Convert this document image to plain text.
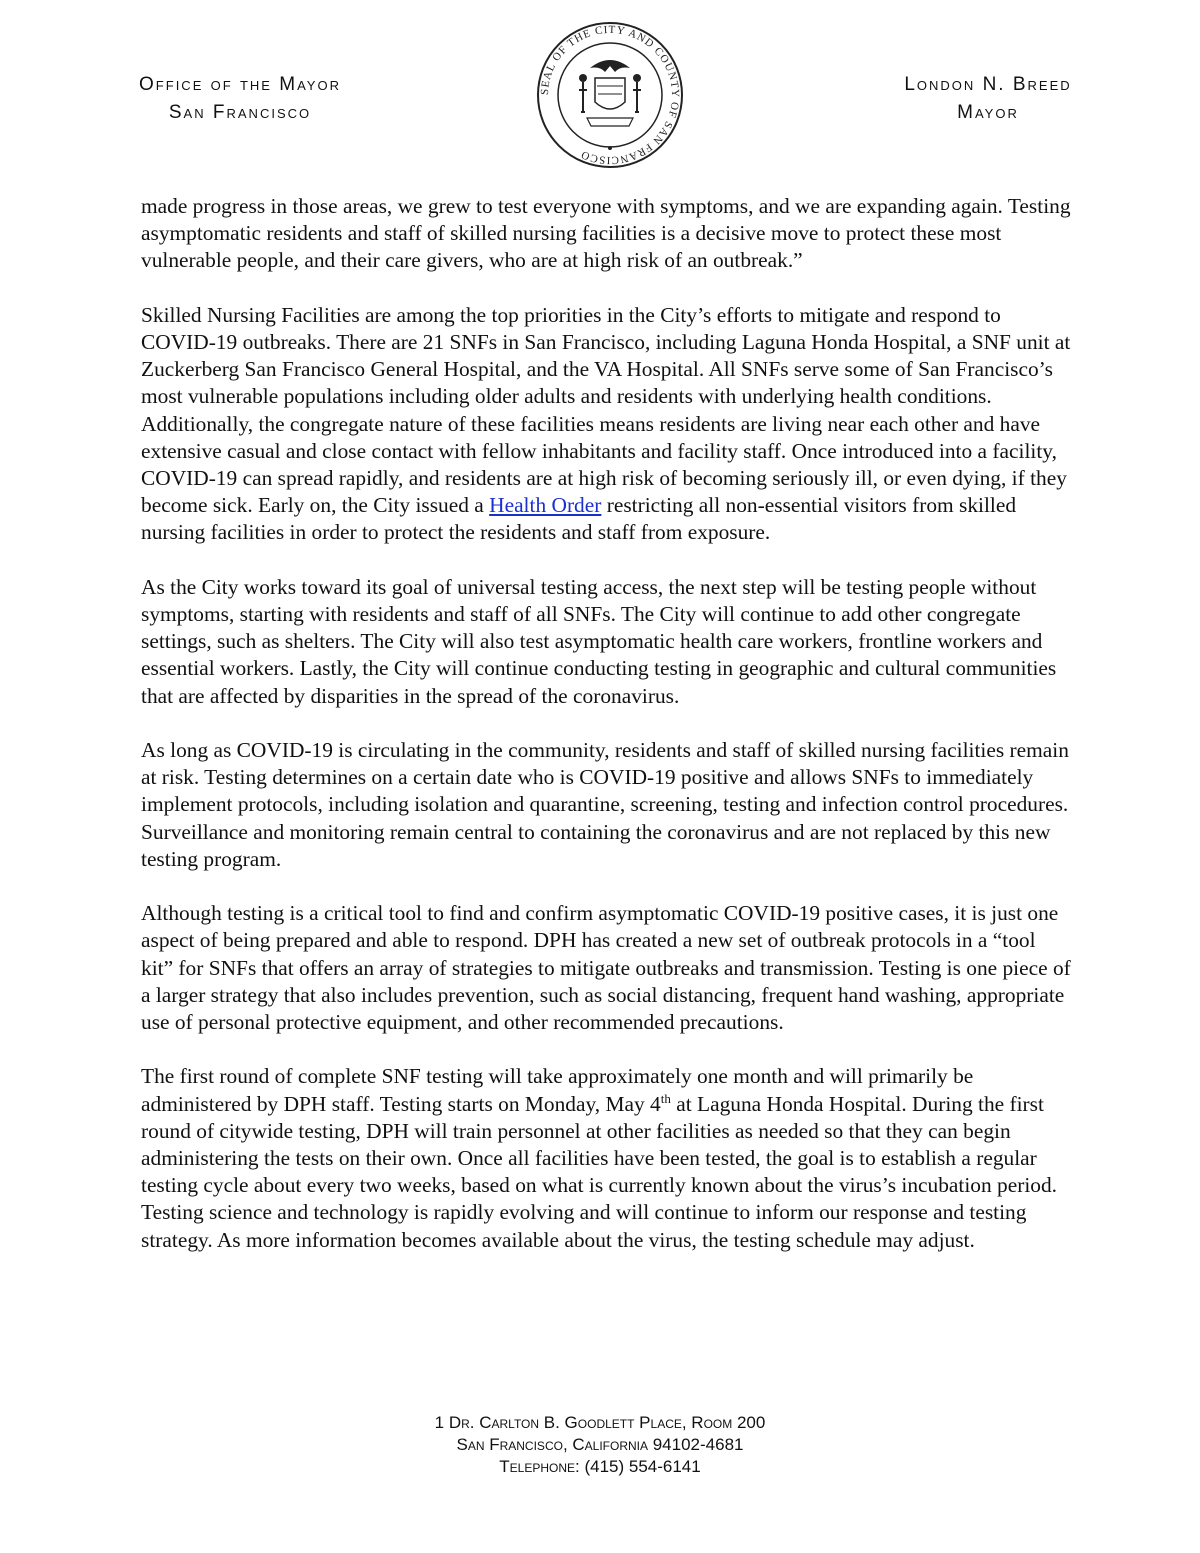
Office of the Mayor
San Francisco
SEAL OF THE CITY AND COUNTY OF SAN FRANCISCO
London N. Breed
Mayor

made progress in those areas, we grew to test everyone with symptoms, and we are expanding again. Testing asymptomatic residents and staff of skilled nursing facilities is a decisive move to protect these most vulnerable people, and their care givers, who are at high risk of an outbreak.”

Skilled Nursing Facilities are among the top priorities in the City’s efforts to mitigate and respond to COVID-19 outbreaks. There are 21 SNFs in San Francisco, including Laguna Honda Hospital, a SNF unit at Zuckerberg San Francisco General Hospital, and the VA Hospital. All SNFs serve some of San Francisco’s most vulnerable populations including older adults and residents with underlying health conditions. Additionally, the congregate nature of these facilities means residents are living near each other and have extensive casual and close contact with fellow inhabitants and facility staff. Once introduced into a facility, COVID-19 can spread rapidly, and residents are at high risk of becoming seriously ill, or even dying, if they become sick. Early on, the City issued a Health Order restricting all non-essential visitors from skilled nursing facilities in order to protect the residents and staff from exposure.

As the City works toward its goal of universal testing access, the next step will be testing people without symptoms, starting with residents and staff of all SNFs. The City will continue to add other congregate settings, such as shelters. The City will also test asymptomatic health care workers, frontline workers and essential workers. Lastly, the City will continue conducting testing in geographic and cultural communities that are affected by disparities in the spread of the coronavirus.

As long as COVID-19 is circulating in the community, residents and staff of skilled nursing facilities remain at risk. Testing determines on a certain date who is COVID-19 positive and allows SNFs to immediately implement protocols, including isolation and quarantine, screening, testing and infection control procedures. Surveillance and monitoring remain central to containing the coronavirus and are not replaced by this new testing program.

Although testing is a critical tool to find and confirm asymptomatic COVID-19 positive cases, it is just one aspect of being prepared and able to respond. DPH has created a new set of outbreak protocols in a “tool kit” for SNFs that offers an array of strategies to mitigate outbreaks and transmission. Testing is one piece of a larger strategy that also includes prevention, such as social distancing, frequent hand washing, appropriate use of personal protective equipment, and other recommended precautions.

The first round of complete SNF testing will take approximately one month and will primarily be administered by DPH staff. Testing starts on Monday, May 4th at Laguna Honda Hospital. During the first round of citywide testing, DPH will train personnel at other facilities as needed so that they can begin administering the tests on their own. Once all facilities have been tested, the goal is to establish a regular testing cycle about every two weeks, based on what is currently known about the virus’s incubation period. Testing science and technology is rapidly evolving and will continue to inform our response and testing strategy. As more information becomes available about the virus, the testing schedule may adjust.

1 Dr. Carlton B. Goodlett Place, Room 200
San Francisco, California 94102-4681
Telephone: (415) 554-6141
